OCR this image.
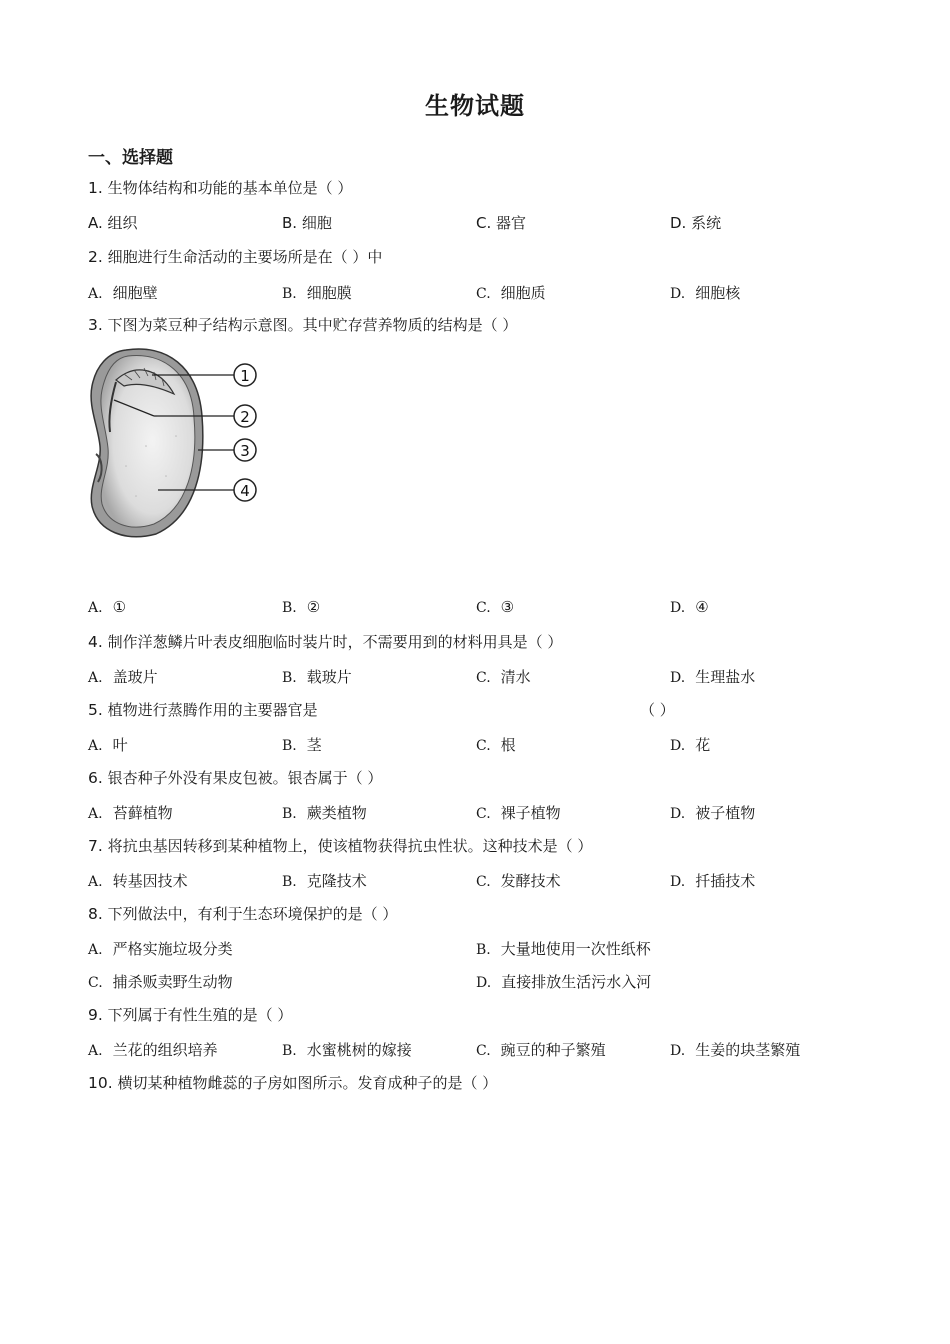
生物试题
一、选择题
1. 生物体结构和功能的基本单位是（ ）
A. 组织	B. 细胞	C. 器官	D. 系统
2. 细胞进行生命活动的主要场所是在（ ）中
A. 细胞壁	B. 细胞膜	C. 细胞质	D. 细胞核
3. 下图为菜豆种子结构示意图。其中贮存营养物质的结构是（ ）
1
2
3
4
A. ①	B. ②	C. ③	D. ④
4. 制作洋葱鳞片叶表皮细胞临时装片时，不需要用到的材料用具是（ ）
A. 盖玻片	B. 载玻片	C. 清水	D. 生理盐水
5. 植物进行蒸腾作用的主要器官是	（ ）
A. 叶	B. 茎	C. 根	D. 花
6. 银杏种子外没有果皮包被。银杏属于（ ）
A. 苔藓植物	B. 蕨类植物	C. 裸子植物	D. 被子植物
7. 将抗虫基因转移到某种植物上，使该植物获得抗虫性状。这种技术是（ ）
A. 转基因技术	B. 克隆技术	C. 发酵技术	D. 扦插技术
8. 下列做法中，有利于生态环境保护的是（ ）
A. 严格实施垃圾分类	B. 大量地使用一次性纸杯
C. 捕杀贩卖野生动物	D. 直接排放生活污水入河
9. 下列属于有性生殖的是（ ）
A. 兰花的组织培养	B. 水蜜桃树的嫁接	C. 豌豆的种子繁殖	D. 生姜的块茎繁殖
10. 横切某种植物雌蕊的子房如图所示。发育成种子的是（ ）
